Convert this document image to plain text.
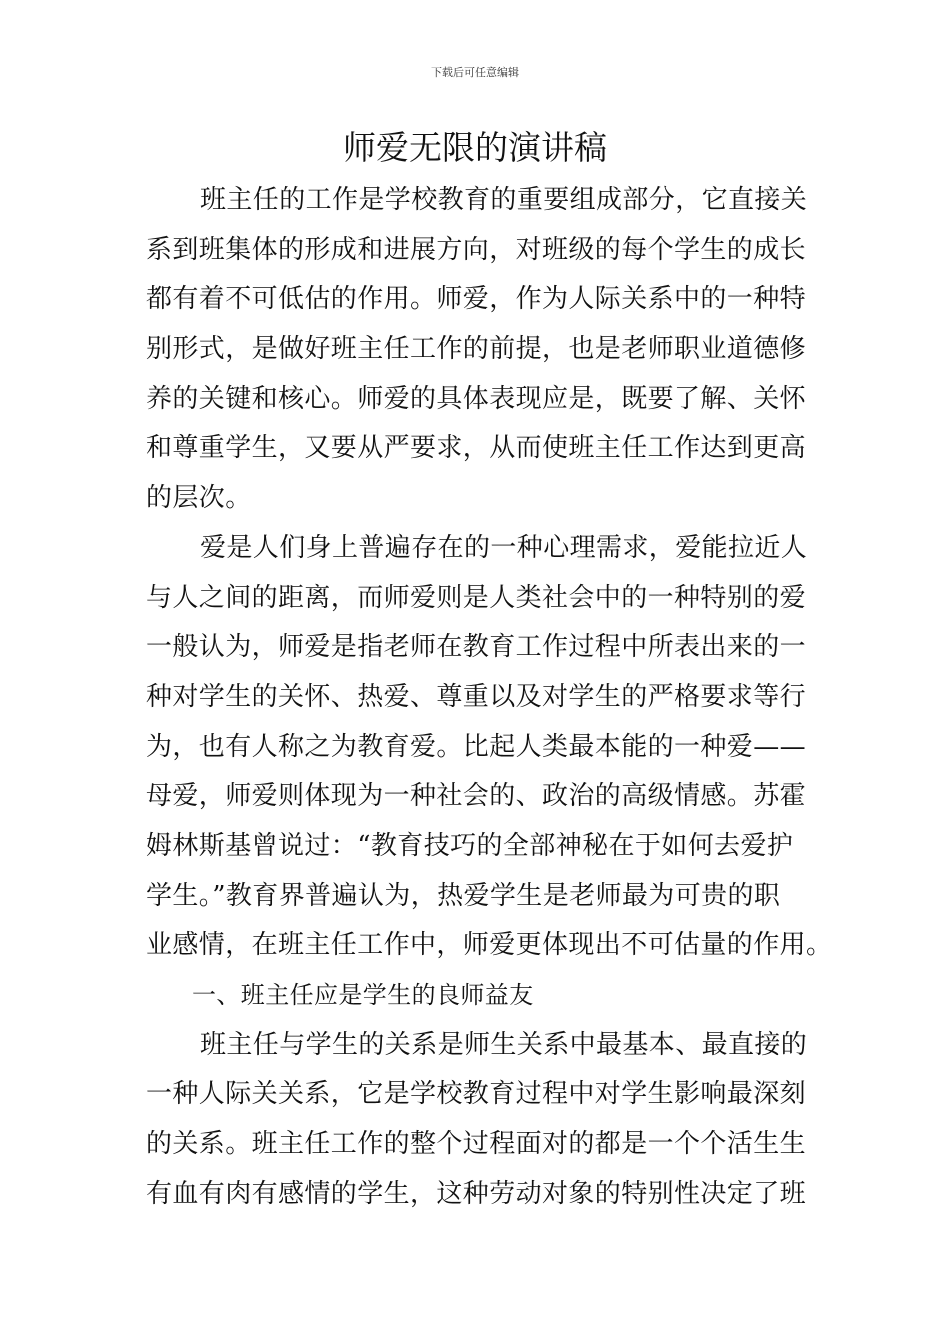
下载后可任意编辑
师爱无限的演讲稿
班主任的工作是学校教育的重要组成部分，它直接关
系到班集体的形成和进展方向，对班级的每个学生的成长
都有着不可低估的作用。师爱，作为人际关系中的一种特
别形式，是做好班主任工作的前提，也是老师职业道德修
养的关键和核心。师爱的具体表现应是，既要了解、关怀
和尊重学生，又要从严要求，从而使班主任工作达到更高
的层次。
爱是人们身上普遍存在的一种心理需求，爱能拉近人
与人之间的距离，而师爱则是人类社会中的一种特别的爱
一般认为，师爱是指老师在教育工作过程中所表出来的一
种对学生的关怀、热爱、尊重以及对学生的严格要求等行
为，也有人称之为教育爱。比起人类最本能的一种爱——
母爱，师爱则体现为一种社会的、政治的高级情感。苏霍
姆林斯基曾说过：“教育技巧的全部神秘在于如何去爱护
学生。”教育界普遍认为，热爱学生是老师最为可贵的职
业感情，在班主任工作中，师爱更体现出不可估量的作用。
一、班主任应是学生的良师益友
班主任与学生的关系是师生关系中最基本、最直接的
一种人际关关系，它是学校教育过程中对学生影响最深刻
的关系。班主任工作的整个过程面对的都是一个个活生生
有血有肉有感情的学生，这种劳动对象的特别性决定了班
